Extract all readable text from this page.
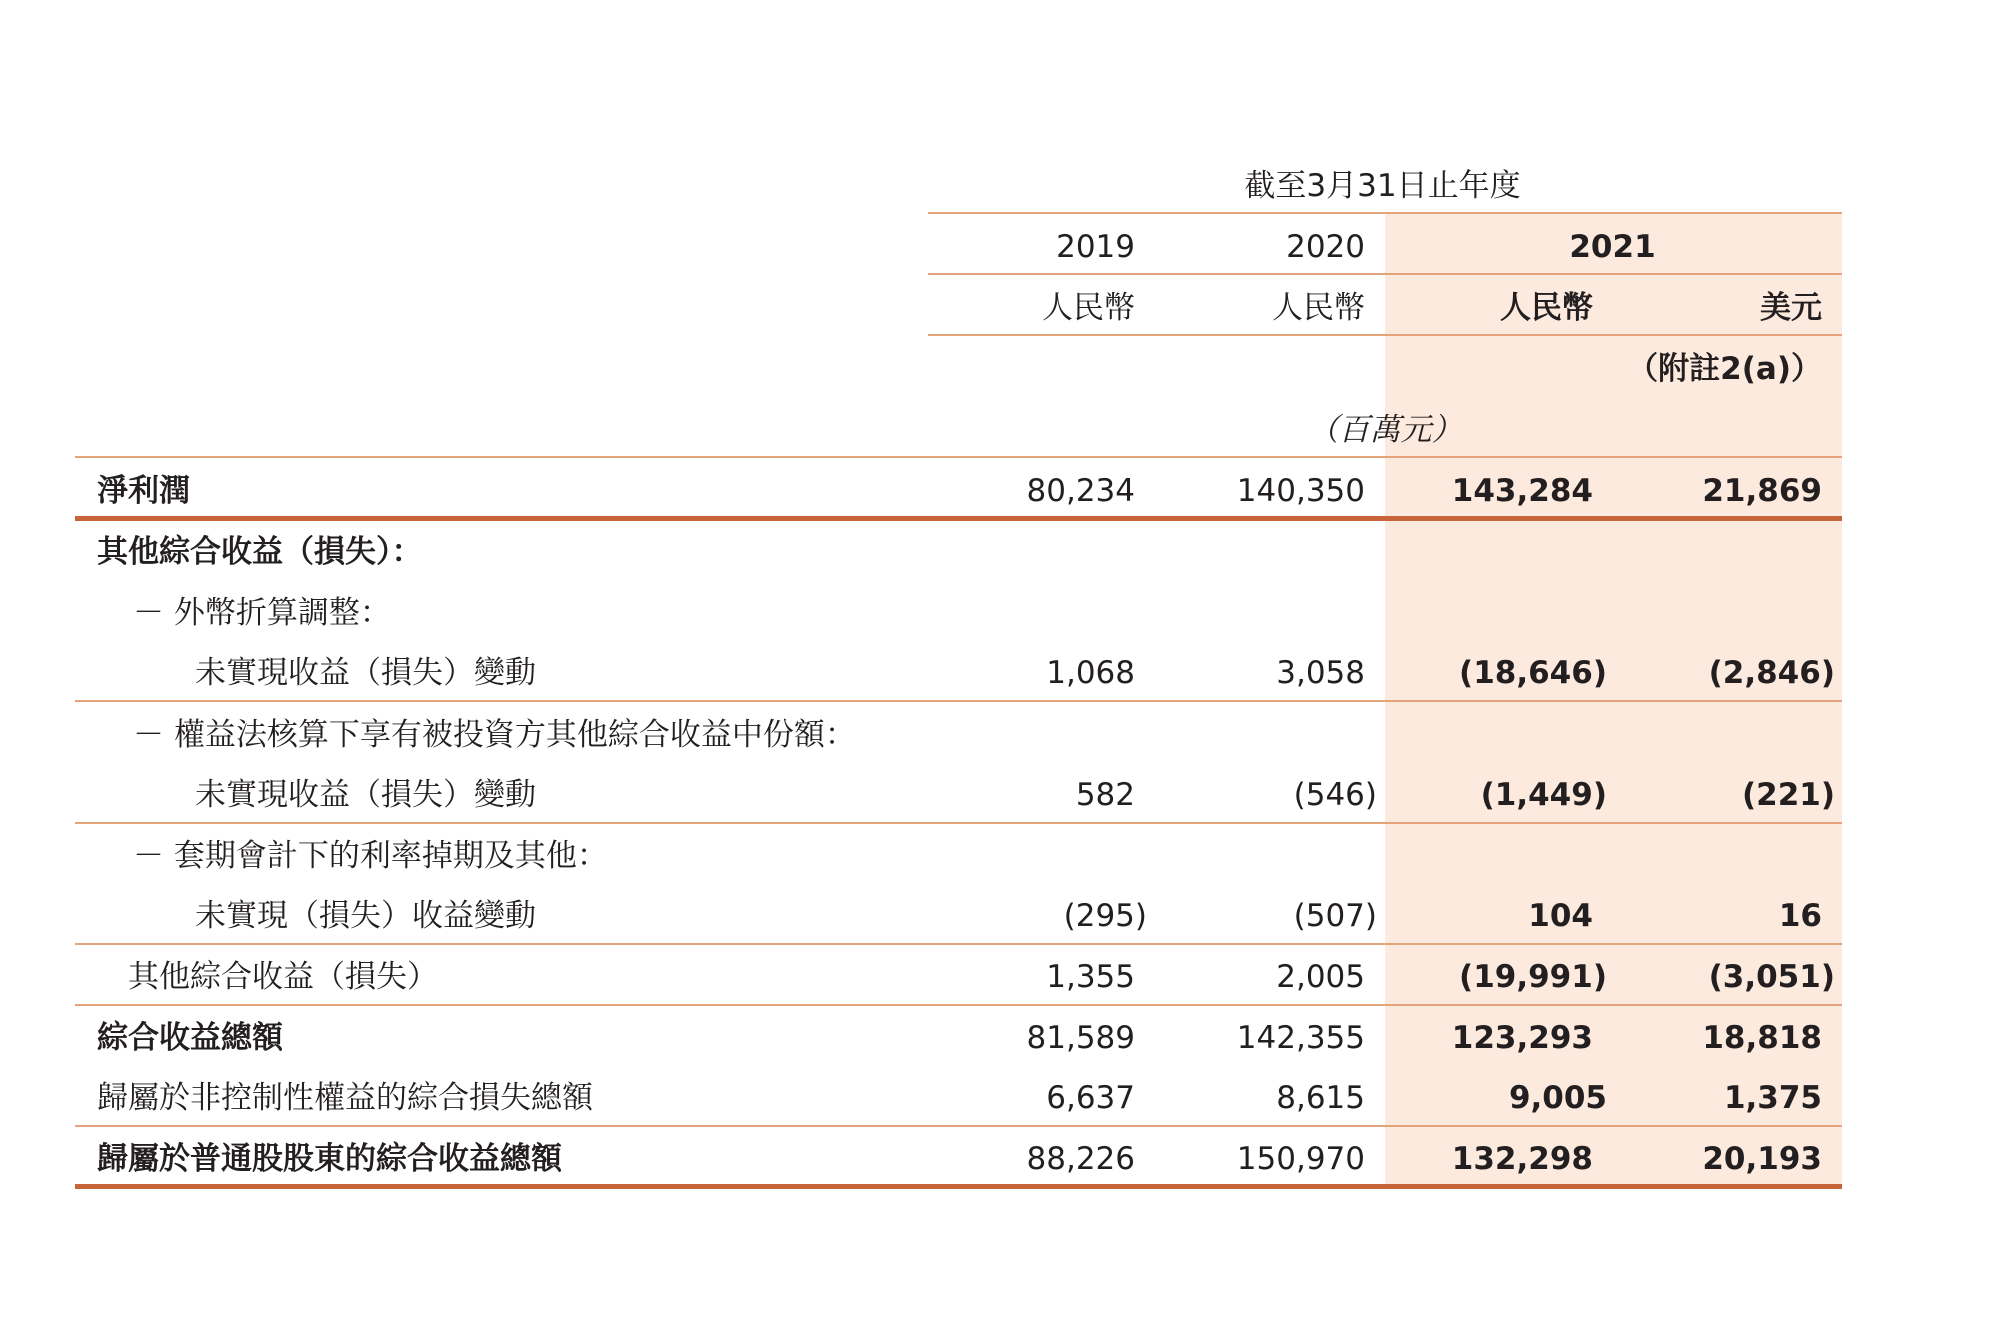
截至3月31日止年度
2019	2020	2021
人民幣	人民幣	人民幣	美元
（附註2(a)）
（百萬元）
淨利潤	80,234	140,350	143,284	21,869
其他綜合收益（損失）：
－ 外幣折算調整：
未實現收益（損失）變動	1,068	3,058	(18,646)	(2,846)
－ 權益法核算下享有被投資方其他綜合收益中份額：
未實現收益（損失）變動	582	(546)	(1,449)	(221)
－ 套期會計下的利率掉期及其他：
未實現（損失）收益變動	(295)	(507)	104	16
其他綜合收益（損失）	1,355	2,005	(19,991)	(3,051)
綜合收益總額	81,589	142,355	123,293	18,818
歸屬於非控制性權益的綜合損失總額	6,637	8,615	9,005	1,375
歸屬於普通股股東的綜合收益總額	88,226	150,970	132,298	20,193
